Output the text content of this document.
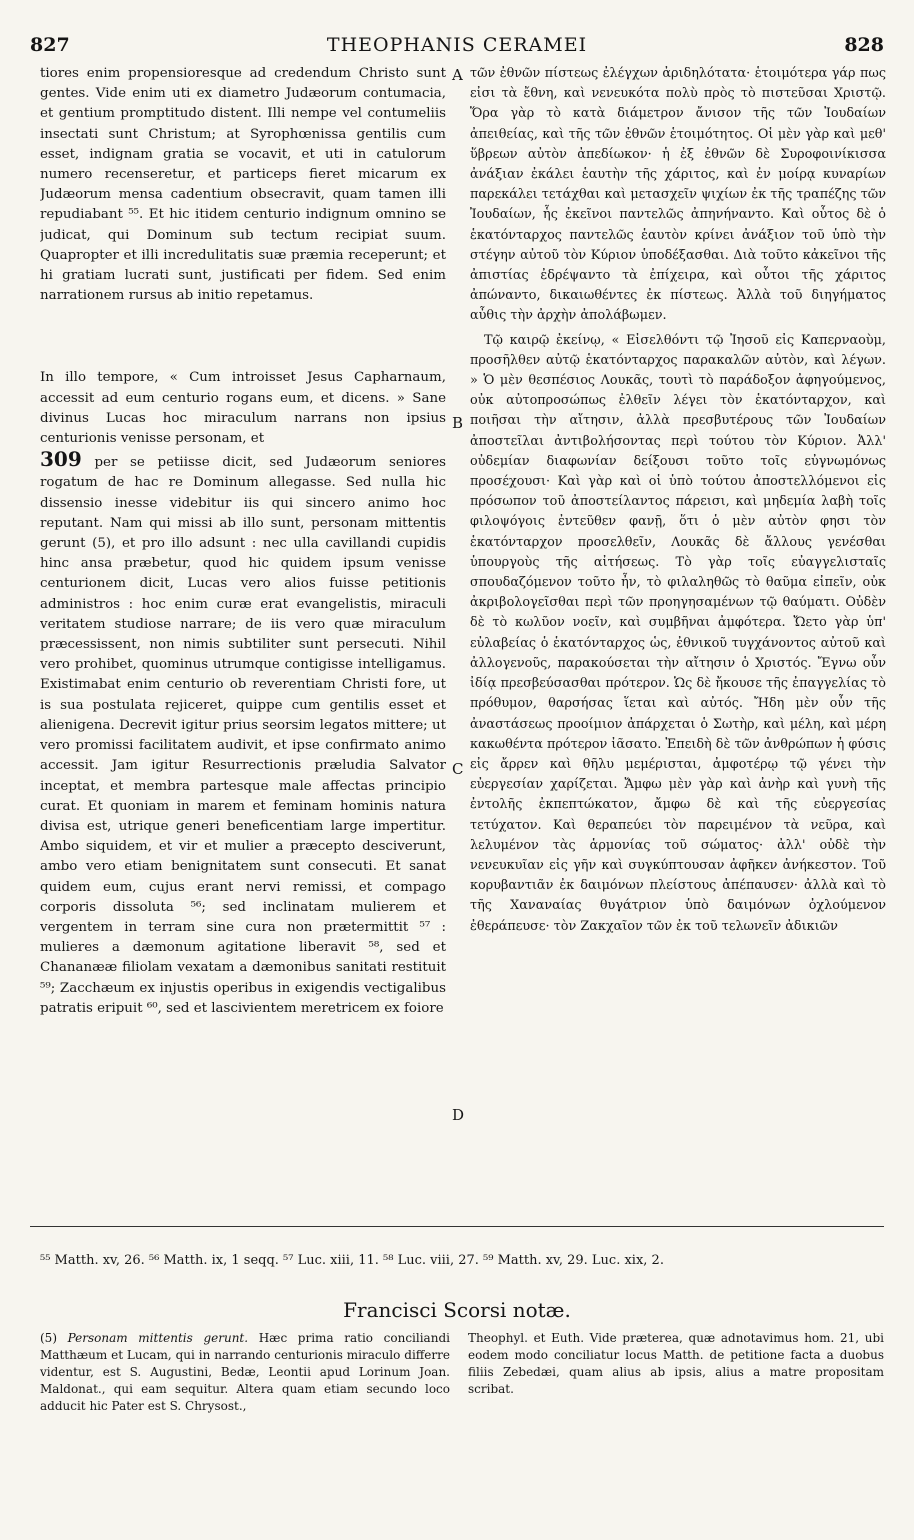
827	THEOPHANIS CERAMEI	828

tiores enim propensioresque ad credendum Christo sunt gentes. Vide enim uti ex diametro Judæorum contumacia, et gentium promptitudo distent. Illi nempe vel contumeliis insectati sunt Christum; at Syrophœnissa gentilis cum esset, indignam gratia se vocavit, et uti in catulorum numero recenseretur, et particeps fieret micarum ex Judæorum mensa cadentium obsecravit, quam tamen illi repudiabant ⁵⁵. Et hic itidem centurio indignum omnino se judicat, qui Dominum sub tectum recipiat suum. Quapropter et illi incredulitatis suæ præmia receperunt; et hi gratiam lucrati sunt, justificati per fidem. Sed enim narrationem rursus ab initio repetamus.

In illo tempore, « Cum introisset Jesus Capharnaum, accessit ad eum centurio rogans eum, et dicens. » Sane divinus Lucas hoc miraculum narrans non ipsius centurionis venisse personam, et
309 per se petiisse dicit, sed Judæorum seniores rogatum de hac re Dominum allegasse. Sed nulla hic dissensio inesse videbitur iis qui sincero animo hoc reputant. Nam qui missi ab illo sunt, personam mittentis gerunt (5), et pro illo adsunt : nec ulla cavillandi cupidis hinc ansa præbetur, quod hic quidem ipsum venisse centurionem dicit, Lucas vero alios fuisse petitionis administros : hoc enim curæ erat evangelistis, miraculi veritatem studiose narrare; de iis vero quæ miraculum præcessissent, non nimis subtiliter sunt persecuti. Nihil vero prohibet, quominus utrumque contigisse intelligamus. Existimabat enim centurio ob reverentiam Christi fore, ut is sua postulata rejiceret, quippe cum gentilis esset et alienigena. Decrevit igitur prius seorsim legatos mittere; ut vero promissi facilitatem audivit, et ipse confirmato animo accessit. Jam igitur Resurrectionis præludia Salvator inceptat, et membra partesque male affectas principio curat. Et quoniam in marem et feminam hominis natura divisa est, utrique generi beneficentiam large impertitur. Ambo siquidem, et vir et mulier a præcepto desciverunt, ambo vero etiam benignitatem sunt consecuti. Et sanat quidem eum, cujus erant nervi remissi, et compago corporis dissoluta ⁵⁶; sed inclinatam mulierem et vergentem in terram sine cura non prætermittit ⁵⁷ : mulieres a dæmonum agitatione liberavit ⁵⁸, sed et Chananææ filiolam vexatam a dæmonibus sanitati restituit ⁵⁹; Zacchæum ex injustis operibus in exigendis vectigalibus patratis eripuit ⁶⁰, sed et lascivientem meretricem ex foiore

A
B
C
D

τῶν ἐθνῶν πίστεως ἐλέγχων ἀριδηλότατα· ἑτοιμότερα γάρ πως εἰσι τὰ ἔθνη, καὶ νενευκότα πολὺ πρὸς τὸ πιστεῦσαι Χριστῷ. Ὅρα γὰρ τὸ κατὰ διάμετρον ἄνισον τῆς τῶν Ἰουδαίων ἀπειθείας, καὶ τῆς τῶν ἐθνῶν ἑτοιμότητος. Οἱ μὲν γὰρ καὶ μεθ' ὕβρεων αὐτὸν ἀπεδίωκον· ἡ ἐξ ἐθνῶν δὲ Συροφοινίκισσα ἀνάξιαν ἐκάλει ἑαυτὴν τῆς χάριτος, καὶ ἐν μοίρᾳ κυναρίων παρεκάλει τετάχθαι καὶ μετασχεῖν ψιχίων ἐκ τῆς τραπέζης τῶν Ἰουδαίων, ἧς ἐκεῖνοι παντελῶς ἀπηνήναντο. Καὶ οὗτος δὲ ὁ ἑκατόνταρχος παντελῶς ἑαυτὸν κρίνει ἀνάξιον τοῦ ὑπὸ τὴν στέγην αὐτοῦ τὸν Κύριον ὑποδέξασθαι. Διὰ τοῦτο κἀκεῖνοι τῆς ἀπιστίας ἐδρέψαντο τὰ ἐπίχειρα, καὶ οὗτοι τῆς χάριτος ἀπώναντο, δικαιωθέντες ἐκ πίστεως. Ἀλλὰ τοῦ διηγήματος αὖθις τὴν ἀρχὴν ἀπολάβωμεν.

Τῷ καιρῷ ἐκείνῳ, « Εἰσελθόντι τῷ Ἰησοῦ εἰς Καπερναοὺμ, προσῆλθεν αὐτῷ ἑκατόνταρχος παρακαλῶν αὐτὸν, καὶ λέγων. » Ὁ μὲν θεσπέσιος Λουκᾶς, τουτὶ τὸ παράδοξον ἀφηγούμενος, οὐκ αὐτοπροσώπως ἐλθεῖν λέγει τὸν ἑκατόνταρχον, καὶ ποιῆσαι τὴν αἴτησιν, ἀλλὰ πρεσβυτέρους τῶν Ἰουδαίων ἀποστεῖλαι ἀντιβολήσοντας περὶ τούτου τὸν Κύριον. Ἀλλ' οὐδεμίαν διαφωνίαν δείξουσι τοῦτο τοῖς εὐγνωμόνως προσέχουσι· Καὶ γὰρ καὶ οἱ ὑπὸ τούτου ἀποστελλόμενοι εἰς πρόσωπον τοῦ ἀποστείλαντος πάρεισι, καὶ μηδεμία λαβὴ τοῖς φιλοψόγοις ἐντεῦθεν φανῇ, ὅτι ὁ μὲν αὐτὸν φησι τὸν ἑκατόνταρχον προσελθεῖν, Λουκᾶς δὲ ἄλλους γενέσθαι ὑπουργοὺς τῆς αἰτήσεως. Τὸ γὰρ τοῖς εὐαγγελισταῖς σπουδαζόμενον τοῦτο ἦν, τὸ φιλαληθῶς τὸ θαῦμα εἰπεῖν, οὐκ ἀκριβολογεῖσθαι περὶ τῶν προηγησαμένων τῷ θαύματι. Οὐδὲν δὲ τὸ κωλῦον νοεῖν, καὶ συμβῆναι ἀμφότερα. Ὤετο γὰρ ὑπ' εὐλαβείας ὁ ἑκατόνταρχος ὡς, ἐθνικοῦ τυγχάνοντος αὐτοῦ καὶ ἀλλογενοῦς, παρακούσεται τὴν αἴτησιν ὁ Χριστός. Ἔγνω οὖν ἰδίᾳ πρεσβεύσασθαι πρότερον. Ὡς δὲ ἤκουσε τῆς ἐπαγγελίας τὸ πρόθυμον, θαρσήσας ἵεται καὶ αὐτός. Ἤδη μὲν οὖν τῆς ἀναστάσεως προοίμιον ἀπάρχεται ὁ Σωτὴρ, καὶ μέλη, καὶ μέρη κακωθέντα πρότερον ἰᾶσατο. Ἐπειδὴ δὲ τῶν ἀνθρώπων ἡ φύσις εἰς ἄρρεν καὶ θῆλυ μεμέρισται, ἀμφοτέρῳ τῷ γένει τὴν εὐεργεσίαν χαρίζεται. Ἄμφω μὲν γὰρ καὶ ἀνὴρ καὶ γυνὴ τῆς ἐντολῆς ἐκπεπτώκατον, ἄμφω δὲ καὶ τῆς εὐεργεσίας τετύχατον. Καὶ θεραπεύει τὸν παρειμένον τὰ νεῦρα, καὶ λελυμένον τὰς ἁρμονίας τοῦ σώματος· ἀλλ' οὐδὲ τὴν νενευκυῖαν εἰς γῆν καὶ συγκύπτουσαν ἀφῆκεν ἀνήκεστον. Τοῦ κορυβαντιᾶν ἐκ δαιμόνων πλείστους ἀπέπαυσεν· ἀλλὰ καὶ τὸ τῆς Χαναναίας θυγάτριον ὑπὸ δαιμόνων ὀχλούμενον ἐθεράπευσε· τὸν Ζακχαῖον τῶν ἐκ τοῦ τελωνεῖν ἀδικιῶν

⁵⁵ Matth. xv, 26. ⁵⁶ Matth. ix, 1 seqq. ⁵⁷ Luc. xiii, 11. ⁵⁸ Luc. viii, 27. ⁵⁹ Matth. xv, 29. Luc. xix, 2.
Francisci Scorsi notæ.
(5) Personam mittentis gerunt. Hæc prima ratio conciliandi Matthæum et Lucam, qui in narrando centurionis miraculo differre videntur, est S. Augustini, Bedæ, Leontii apud Lorinum Joan. Maldonat., qui eam sequitur. Altera quam etiam secundo loco adducit hic Pater est S. Chrysost.,
Theophyl. et Euth. Vide præterea, quæ adnotavimus hom. 21, ubi eodem modo conciliatur locus Matth. de petitione facta a duobus filiis Zebedæi, quam alius ab ipsis, alius a matre propositam scribat.
